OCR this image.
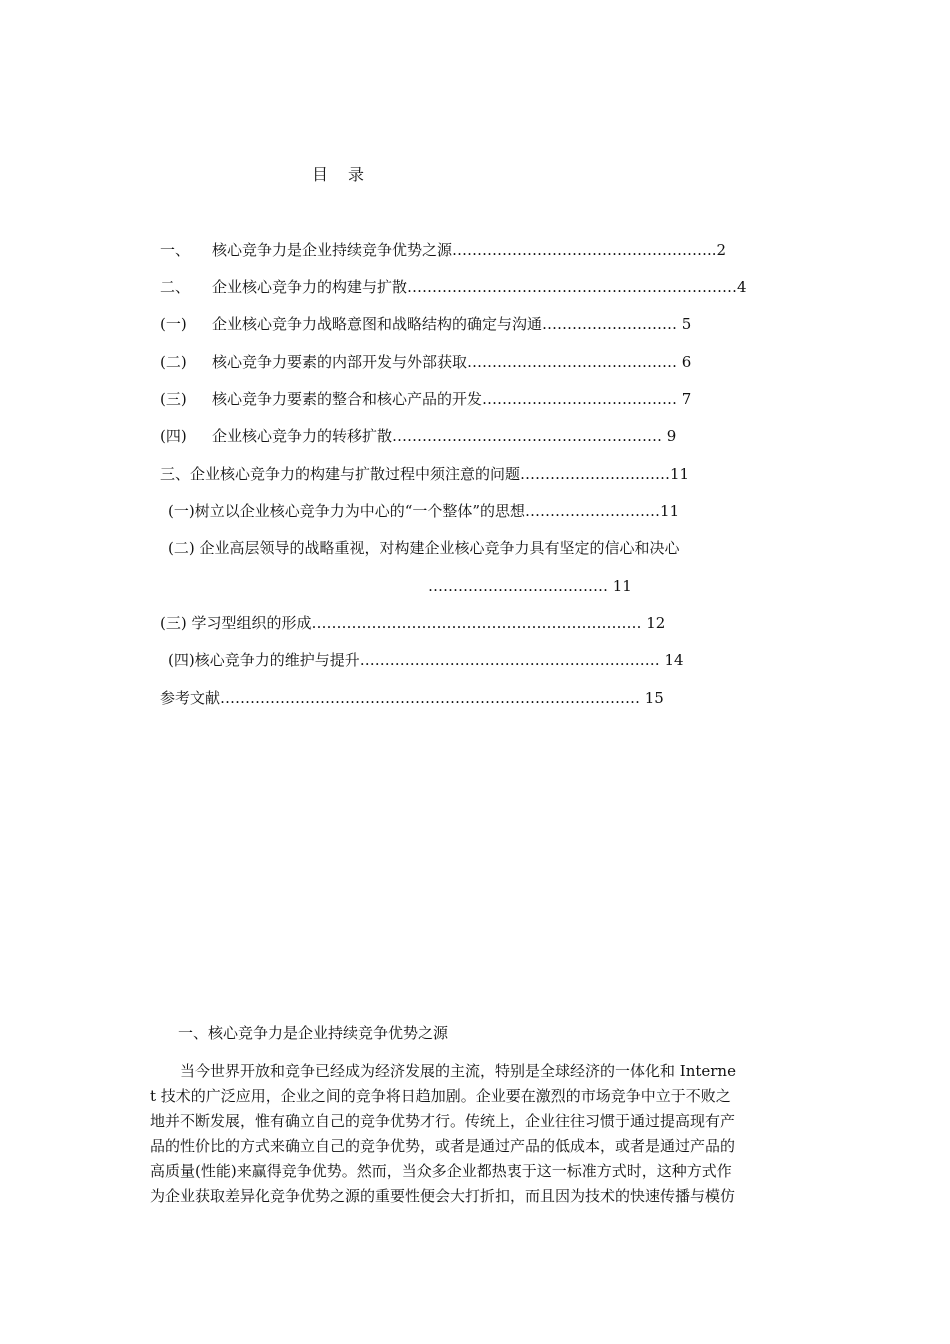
目　录
一、 核心竞争力是企业持续竞争优势之源……………………………………………..2
二、 企业核心竞争力的构建与扩散…………………………………………………………4
(一) 企业核心竞争力战略意图和战略结构的确定与沟通……………………… 5
(二) 核心竞争力要素的内部开发与外部获取…………………………………… 6
(三) 核心竞争力要素的整合和核心产品的开发………………………………… 7
(四) 企业核心竞争力的转移扩散……………………………………………… 9
三、企业核心竞争力的构建与扩散过程中须注意的问题…………………………11
(一)树立以企业核心竞争力为中心的“一个整体”的思想………………………11
(二) 企业高层领导的战略重视，对构建企业核心竞争力具有坚定的信心和决心
……………………………… 11
(三) 学习型组织的形成………………………………………………………… 12
(四)核心竞争力的维护与提升…………………………………………………… 14
参考文献………………………………………………………………………… 15
一、核心竞争力是企业持续竞争优势之源
当今世界开放和竞争已经成为经济发展的主流，特别是全球经济的一体化和 Interne
t 技术的广泛应用，企业之间的竞争将日趋加剧。企业要在激烈的市场竞争中立于不败之
地并不断发展，惟有确立自己的竞争优势才行。传统上，企业往往习惯于通过提高现有产
品的性价比的方式来确立自己的竞争优势，或者是通过产品的低成本，或者是通过产品的
高质量(性能)来赢得竞争优势。然而，当众多企业都热衷于这一标准方式时，这种方式作
为企业获取差异化竞争优势之源的重要性便会大打折扣，而且因为技术的快速传播与模仿
